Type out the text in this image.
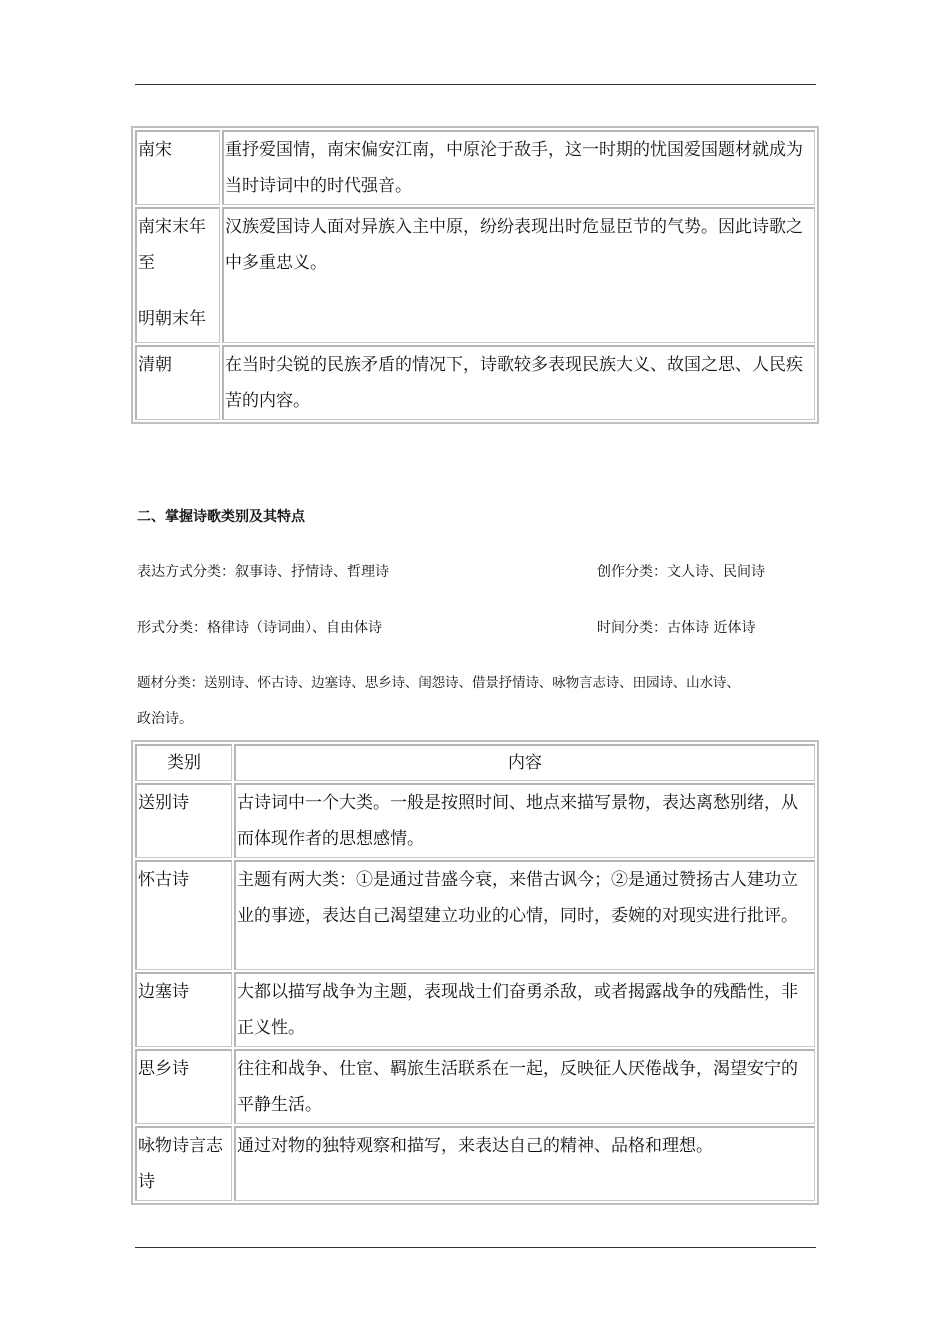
南宋	重抒爱国情，南宋偏安江南，中原沦于敌手，这一时期的忧国爱国题材就成为当时诗词中的时代强音。

南宋末年至
明朝末年	汉族爱国诗人面对异族入主中原，纷纷表现出时危显臣节的气势。因此诗歌之中多重忠义。
清朝	在当时尖锐的民族矛盾的情况下，诗歌较多表现民族大义、故国之思、人民疾苦的内容。
二、掌握诗歌类别及其特点
表达方式分类：叙事诗、抒情诗、哲理诗	创作分类：文人诗、民间诗
形式分类：格律诗（诗词曲）、自由体诗	时间分类：古体诗 近体诗
题材分类：送别诗、怀古诗、边塞诗、思乡诗、闺怨诗、借景抒情诗、咏物言志诗、田园诗、山水诗、
政治诗。
类别	内容
送别诗	古诗词中一个大类。一般是按照时间、地点来描写景物，表达离愁别绪，从而体现作者的思想感情。
怀古诗	主题有两大类：①是通过昔盛今衰，来借古讽今；②是通过赞扬古人建功立业的事迹，表达自己渴望建立功业的心情，同时，委婉的对现实进行批评。
边塞诗	大都以描写战争为主题，表现战士们奋勇杀敌，或者揭露战争的残酷性，非正义性。
思乡诗	往往和战争、仕宦、羁旅生活联系在一起，反映征人厌倦战争，渴望安宁的平静生活。
咏物诗言志诗	通过对物的独特观察和描写，来表达自己的精神、品格和理想。
